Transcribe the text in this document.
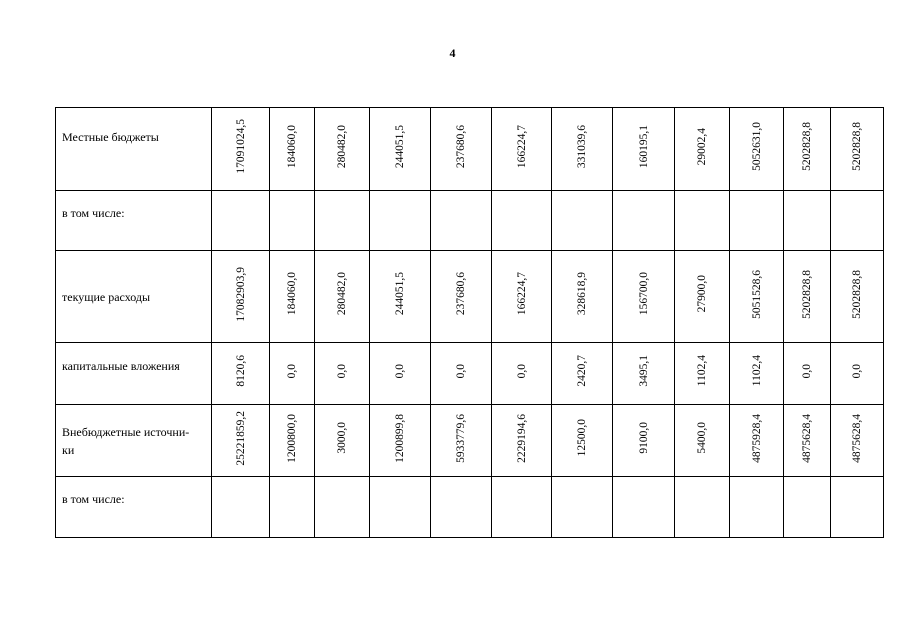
4
Местные бюджеты	17091024,5	184060,0	280482,0	244051,5	237680,6	166224,7	331039,6	160195,1	29002,4	5052631,0	5202828,8	5202828,8
в том числе:												
текущие расходы	17082903,9	184060,0	280482,0	244051,5	237680,6	166224,7	328618,9	156700,0	27900,0	5051528,6	5202828,8	5202828,8
капитальные вложения	8120,6	0,0	0,0	0,0	0,0	0,0	2420,7	3495,1	1102,4	1102,4	0,0	0,0
Внебюджетные источни-
ки	25221859,2	1200800,0	3000,0	1200899,8	5933779,6	2229194,6	12500,0	9100,0	5400,0	4875928,4	4875628,4	4875628,4
в том числе:												
